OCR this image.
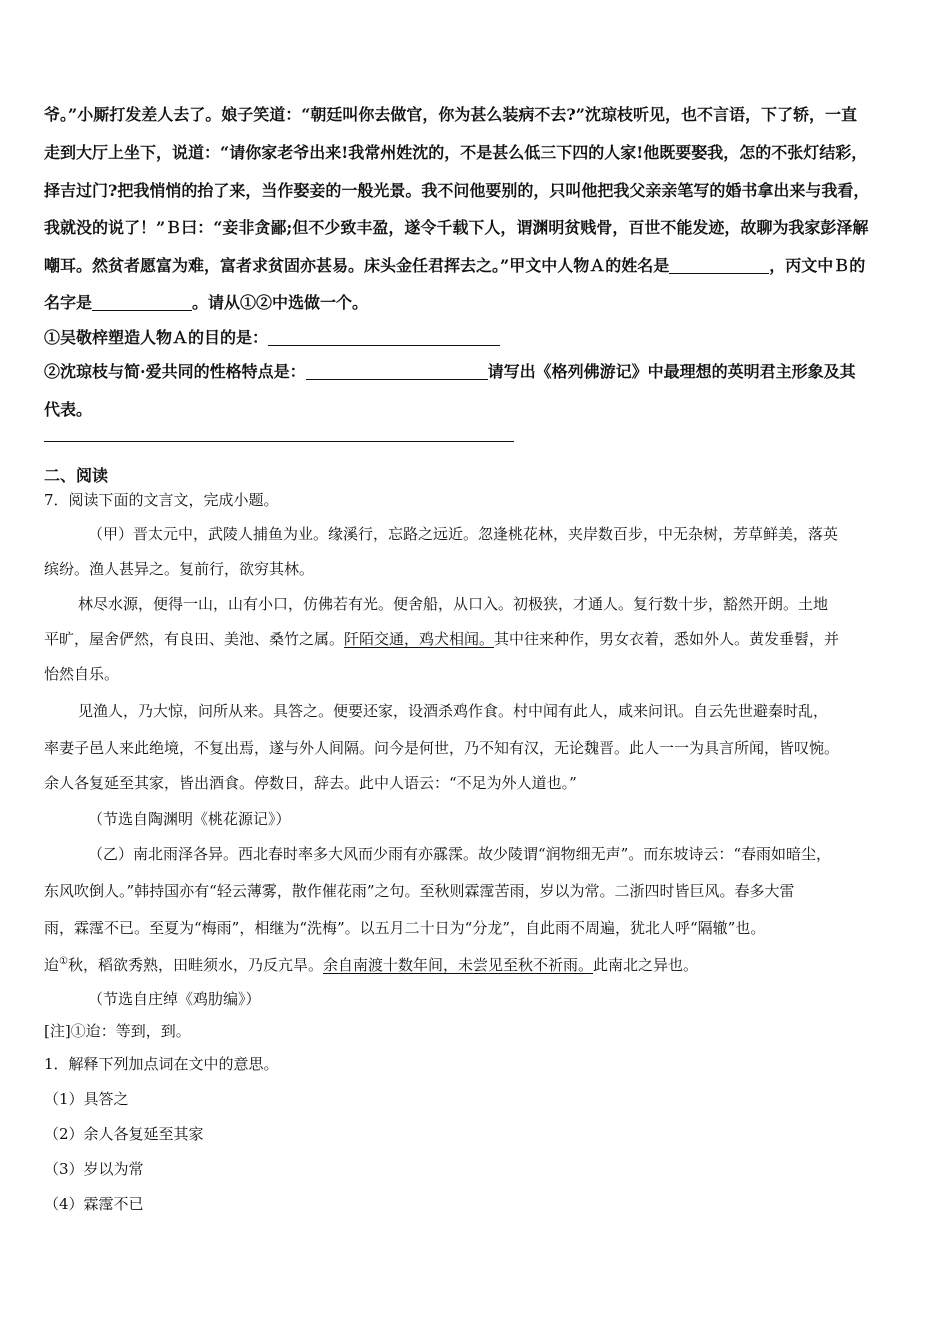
爷。”小厮打发差人去了。娘子笑道：“朝廷叫你去做官，你为甚么装病不去?”沈琼枝听见，也不言语，下了轿，一直
走到大厅上坐下，说道：“请你家老爷出来!我常州姓沈的，不是甚么低三下四的人家!他既要娶我，怎的不张灯结彩，
择吉过门?把我悄悄的抬了来，当作娶妾的一般光景。我不问他要别的，只叫他把我父亲亲笔写的婚书拿出来与我看，
我就没的说了！”Ｂ曰：“妾非贪鄙;但不少致丰盈，遂令千载下人，谓渊明贫贱骨，百世不能发迹，故聊为我家彭泽解
嘲耳。然贫者愿富为难，富者求贫固亦甚易。床头金任君挥去之。”甲文中人物Ａ的姓名是	，丙文中Ｂ的
名字是	。请从①②中选做一个。
①吴敬梓塑造人物Ａ的目的是：
②沈琼枝与简·爱共同的性格特点是：	请写出《格列佛游记》中最理想的英明君主形象及其
代表。
二、阅读
7．阅读下面的文言文，完成小题。
（甲）晋太元中，武陵人捕鱼为业。缘溪行，忘路之远近。忽逢桃花林，夹岸数百步，中无杂树，芳草鲜美，落英
缤纷。渔人甚异之。复前行，欲穷其林。
林尽水源，便得一山，山有小口，仿佛若有光。便舍船，从口入。初极狭，才通人。复行数十步，豁然开朗。土地
平旷，屋舍俨然，有良田、美池、桑竹之属。阡陌交通，鸡犬相闻。其中往来种作，男女衣着，悉如外人。黄发垂髫，并
怡然自乐。
见渔人，乃大惊，问所从来。具答之。便要还家，设酒杀鸡作食。村中闻有此人，咸来问讯。自云先世避秦时乱，
率妻子邑人来此绝境，不复出焉，遂与外人间隔。问今是何世，乃不知有汉，无论魏晋。此人一一为具言所闻，皆叹惋。
余人各复延至其家，皆出酒食。停数日，辞去。此中人语云：“不足为外人道也。”
（节选自陶渊明《桃花源记》）
（乙）南北雨泽各异。西北春时率多大风而少雨有亦霡霂。故少陵谓“润物细无声”。而东坡诗云：“春雨如暗尘，
东风吹倒人。”韩持国亦有“轻云薄雾，散作催花雨”之句。至秋则霖霪苦雨，岁以为常。二浙四时皆巨风。春多大雷
雨，霖霪不已。至夏为“梅雨”，相继为“洗梅”。以五月二十日为“分龙”，自此雨不周遍，犹北人呼“隔辙”也。
迨①秋，稻欲秀熟，田畦须水，乃反亢旱。余自南渡十数年间，未尝见至秋不祈雨。此南北之异也。
（节选自庄绰《鸡肋编》）
[注]①迨：等到，到。
1．解释下列加点词在文中的意思。
（1）具答之
（2）余人各复延至其家
（3）岁以为常
（4）霖霪不已
